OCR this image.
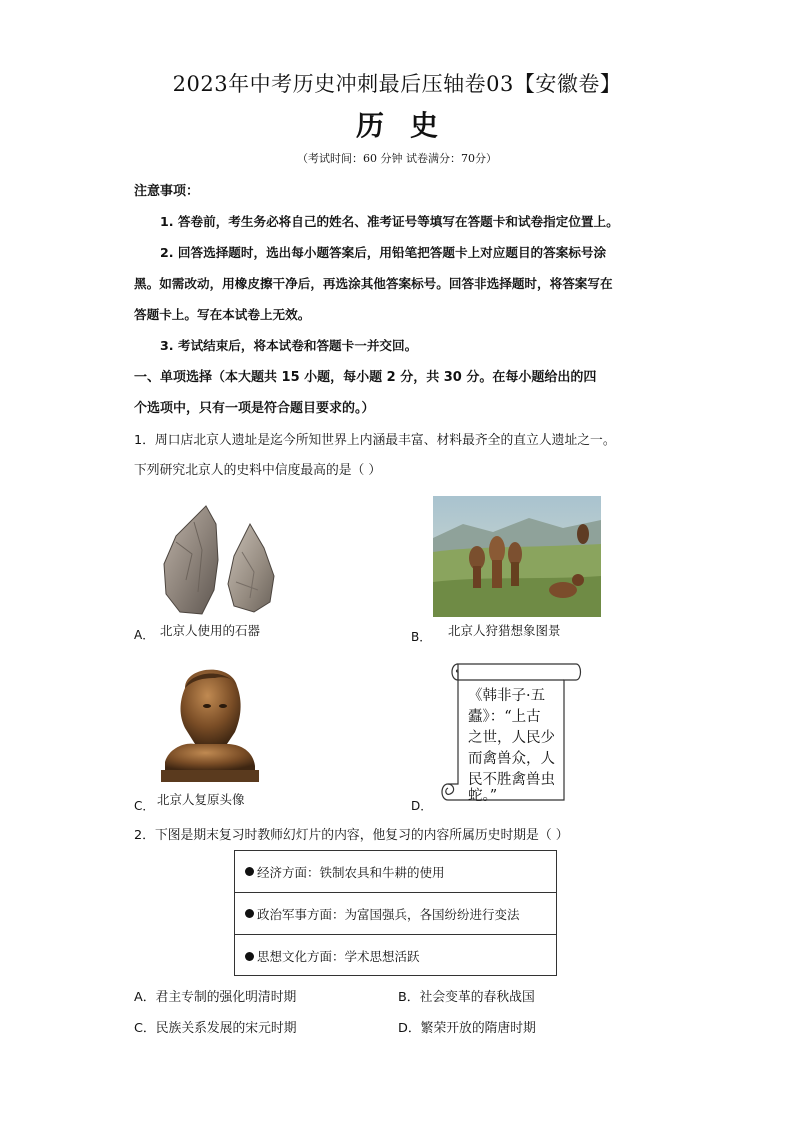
2023年中考历史冲刺最后压轴卷03【安徽卷】
历史
（考试时间：60 分钟 试卷满分：70分）
注意事项：
1. 答卷前，考生务必将自己的姓名、准考证号等填写在答题卡和试卷指定位置上。
2. 回答选择题时，选出每小题答案后，用铅笔把答题卡上对应题目的答案标号涂
黑。如需改动，用橡皮擦干净后，再选涂其他答案标号。回答非选择题时，将答案写在
答题卡上。写在本试卷上无效。
3. 考试结束后，将本试卷和答题卡一并交回。
一、单项选择（本大题共 15 小题，每小题 2 分，共 30 分。在每小题给出的四
个选项中，只有一项是符合题目要求的。）
1．周口店北京人遗址是迄今所知世界上内涵最丰富、材料最齐全的直立人遗址之一。
下列研究北京人的史料中信度最高的是（ ）
A． 北京人使用的石器	B． 北京人狩猎想象图景
C． 北京人复原头像
《韩非子·五
蠹》：“上古
之世，人民少
而禽兽众，人
民不胜禽兽虫
蛇。”
D．
2．下图是期末复习时教师幻灯片的内容，他复习的内容所属历史时期是（ ）
经济方面：铁制农具和牛耕的使用
政治军事方面：为富国强兵，各国纷纷进行变法
思想文化方面：学术思想活跃
A．君主专制的强化明清时期	B．社会变革的春秋战国
C．民族关系发展的宋元时期	D．繁荣开放的隋唐时期
